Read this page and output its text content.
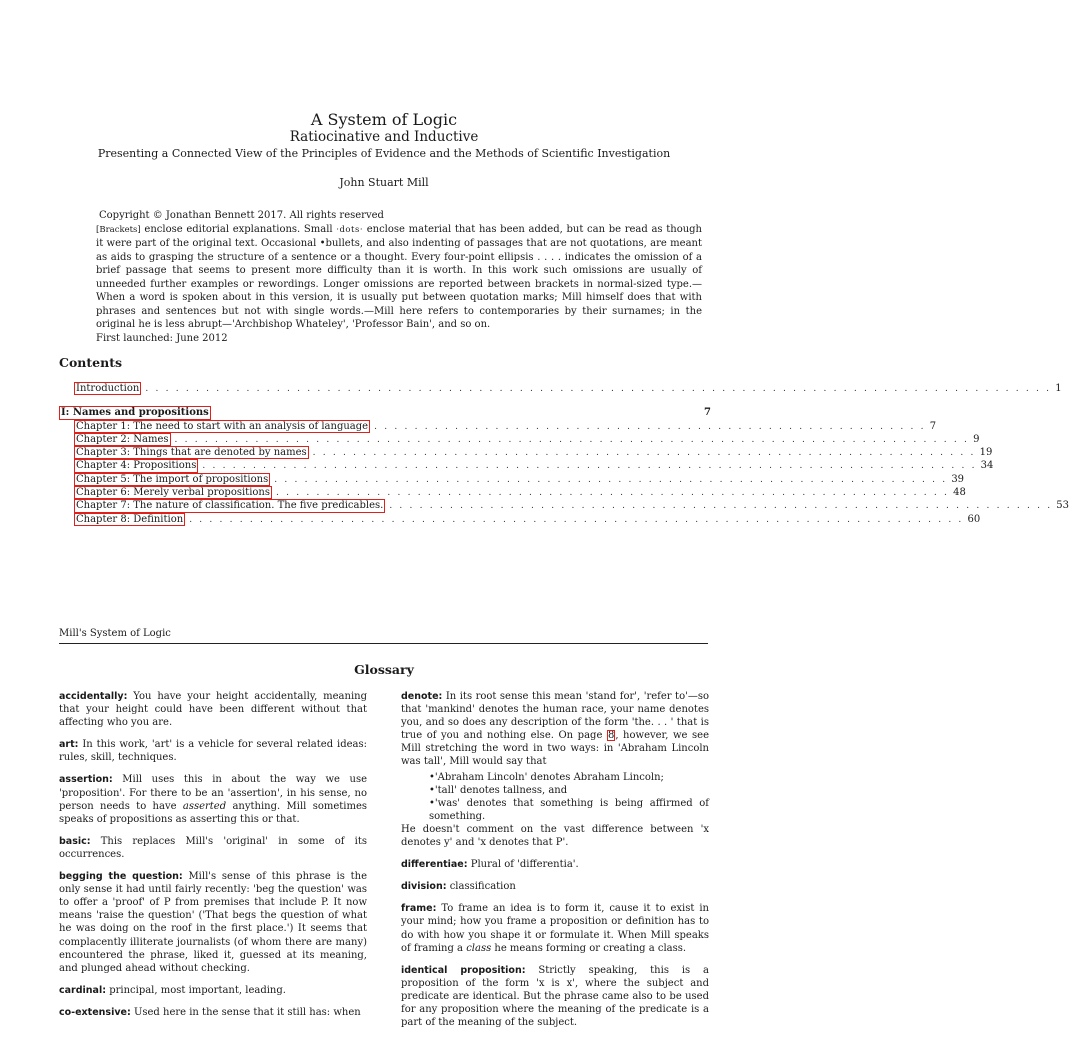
A System of Logic

Ratiocinative and Inductive

Presenting a Connected View of the Principles of Evidence and the Methods of Scientific Investigation

John Stuart Mill

Copyright © Jonathan Bennett 2017. All rights reserved

[Brackets] enclose editorial explanations. Small ·dots· enclose material that has been added, but can be read as though it were part of the original text. Occasional •bullets, and also indenting of passages that are not quotations, are meant as aids to grasping the structure of a sentence or a thought. Every four-point ellipsis . . . . indicates the omission of a brief passage that seems to present more difficulty than it is worth. In this work such omissions are usually of unneeded further examples or rewordings. Longer omissions are reported between brackets in normal-sized type.—When a word is spoken about in this version, it is usually put between quotation marks; Mill himself does that with phrases and sentences but not with single words.—Mill here refers to contemporaries by their surnames; in the original he is less abrupt—'Archbishop Whateley', 'Professor Bain', and so on.

First launched: June 2012

Contents
Introduction . . . . . . . . . . . . . . . . . . . . . . . . . . . . . . . . . . . . . . . . . . . . . . . . . . . . . . . . . . . . . . . . . . . . . . . . . . . . . . . . . . . . . . . . . . 1
I: Names and propositions	7
Chapter 1: The need to start with an analysis of language . . . . . . . . . . . . . . . . . . . . . . . . . . . . . . . . . . . . . . . . . . . . . . . . . . . . . . . 7
Chapter 2: Names . . . . . . . . . . . . . . . . . . . . . . . . . . . . . . . . . . . . . . . . . . . . . . . . . . . . . . . . . . . . . . . . . . . . . . . . . . . . . . . 9
Chapter 3: Things that are denoted by names . . . . . . . . . . . . . . . . . . . . . . . . . . . . . . . . . . . . . . . . . . . . . . . . . . . . . . . . . . . . . . . . . . 19
Chapter 4: Propositions . . . . . . . . . . . . . . . . . . . . . . . . . . . . . . . . . . . . . . . . . . . . . . . . . . . . . . . . . . . . . . . . . . . . . . . . . . . . . 34
Chapter 5: The import of propositions . . . . . . . . . . . . . . . . . . . . . . . . . . . . . . . . . . . . . . . . . . . . . . . . . . . . . . . . . . . . . . . . . . . 39
Chapter 6: Merely verbal propositions . . . . . . . . . . . . . . . . . . . . . . . . . . . . . . . . . . . . . . . . . . . . . . . . . . . . . . . . . . . . . . . . . . . 48
Chapter 7: The nature of classification. The five predicables. . . . . . . . . . . . . . . . . . . . . . . . . . . . . . . . . . . . . . . . . . . . . . . . . . . . . . . . . . . . . . . . . . . 53
Chapter 8: Definition . . . . . . . . . . . . . . . . . . . . . . . . . . . . . . . . . . . . . . . . . . . . . . . . . . . . . . . . . . . . . . . . . . . . . . . . . . . . . 60
Mill's System of Logic
Glossary

accidentally: You have your height accidentally, meaning that your height could have been different without that affecting who you are.

art: In this work, 'art' is a vehicle for several related ideas: rules, skill, techniques.

assertion: Mill uses this in about the way we use 'proposition'. For there to be an 'assertion', in his sense, no person needs to have asserted anything. Mill sometimes speaks of propositions as asserting this or that.

basic: This replaces Mill's 'original' in some of its occurrences.

begging the question: Mill's sense of this phrase is the only sense it had until fairly recently: 'beg the question' was to offer a 'proof' of P from premises that include P. It now means 'raise the question' ('That begs the question of what he was doing on the roof in the first place.') It seems that complacently illiterate journalists (of whom there are many) encountered the phrase, liked it, guessed at its meaning, and plunged ahead without checking.

cardinal: principal, most important, leading.

co-extensive: Used here in the sense that it still has: when

denote: In its root sense this mean 'stand for', 'refer to'—so that 'mankind' denotes the human race, your name denotes you, and so does any description of the form 'the. . . ' that is true of you and nothing else. On page 8, however, we see Mill stretching the word in two ways: in 'Abraham Lincoln was tall', Mill would say that

• 'Abraham Lincoln' denotes Abraham Lincoln;
• 'tall' denotes tallness, and
• 'was' denotes that something is being affirmed of something.

He doesn't comment on the vast difference between 'x denotes y' and 'x denotes that P'.

differentiae: Plural of 'differentia'.

division: classification

frame: To frame an idea is to form it, cause it to exist in your mind; how you frame a proposition or definition has to do with how you shape it or formulate it. When Mill speaks of framing a class he means forming or creating a class.

identical proposition: Strictly speaking, this is a proposition of the form 'x is x', where the subject and predicate are identical. But the phrase came also to be used for any proposition where the meaning of the predicate is a part of the meaning of the subject.
